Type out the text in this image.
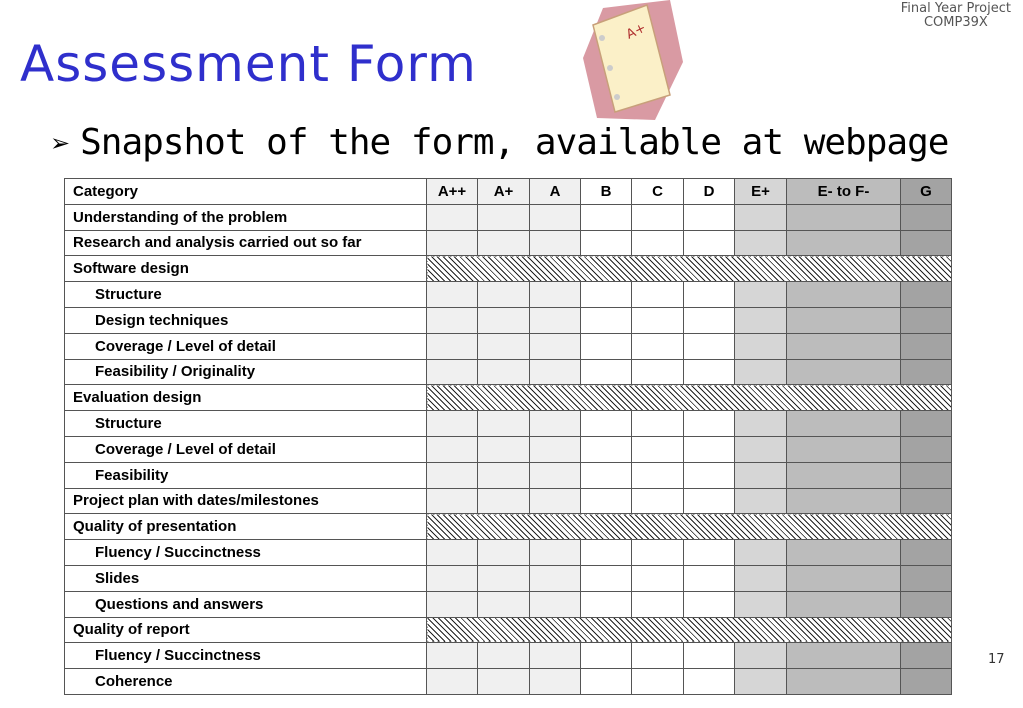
Final Year Project
COMP39X
Assessment Form
A+
➢ Snapshot of the form, available at webpage
Category	A++	A+	A	B	C	D	E+	E- to F-	G
Understanding of the problem									
Research and analysis carried out so far									
Software design									
Structure									
Design techniques									
Coverage / Level of detail									
Feasibility / Originality									
Evaluation design									
Structure									
Coverage / Level of detail									
Feasibility									
Project plan with dates/milestones									
Quality of presentation									
Fluency / Succinctness									
Slides									
Questions and answers									
Quality of report									
Fluency / Succinctness									
Coherence									
17
